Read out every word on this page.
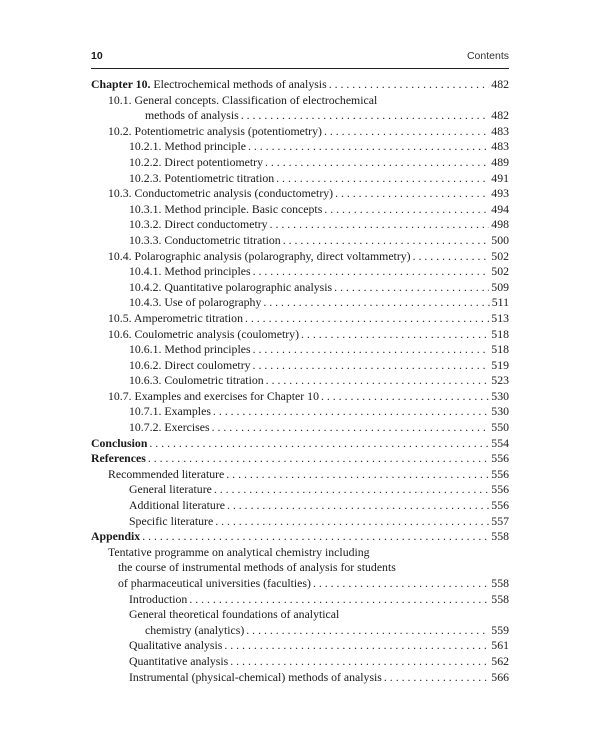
10	Contents
Chapter 10. Electrochemical methods of analysis . . .	482
10.1. General concepts. Classification of electrochemical
methods of analysis . . .	482
10.2. Potentiometric analysis (potentiometry) . . .	483
10.2.1. Method principle . . .	483
10.2.2. Direct potentiometry . . .	489
10.2.3. Potentiometric titration . . .	491
10.3. Conductometric analysis (conductometry) . . .	493
10.3.1. Method principle. Basic concepts . . .	494
10.3.2. Direct conductometry . . .	498
10.3.3. Conductometric titration . . .	500
10.4. Polarographic analysis (polarography, direct voltammetry) . . .	502
10.4.1. Method principles . . .	502
10.4.2. Quantitative polarographic analysis . . .	509
10.4.3. Use of polarography . . .	511
10.5. Amperometric titration . . .	513
10.6. Coulometric analysis (coulometry) . . .	518
10.6.1. Method principles . . .	518
10.6.2. Direct coulometry . . .	519
10.6.3. Coulometric titration . . .	523
10.7. Examples and exercises for Chapter 10 . . .	530
10.7.1. Examples . . .	530
10.7.2. Exercises . . .	550
Conclusion . . .	554
References . . .	556
Recommended literature . . .	556
General literature . . .	556
Additional literature . . .	556
Specific literature . . .	557
Appendix . . .	558
Tentative programme on analytical chemistry including
the course of instrumental methods of analysis for students
of pharmaceutical universities (faculties) . . .	558
Introduction . . .	558
General theoretical foundations of analytical
chemistry (analytics) . . .	559
Qualitative analysis . . .	561
Quantitative analysis . . .	562
Instrumental (physical-chemical) methods of analysis . . .	566
